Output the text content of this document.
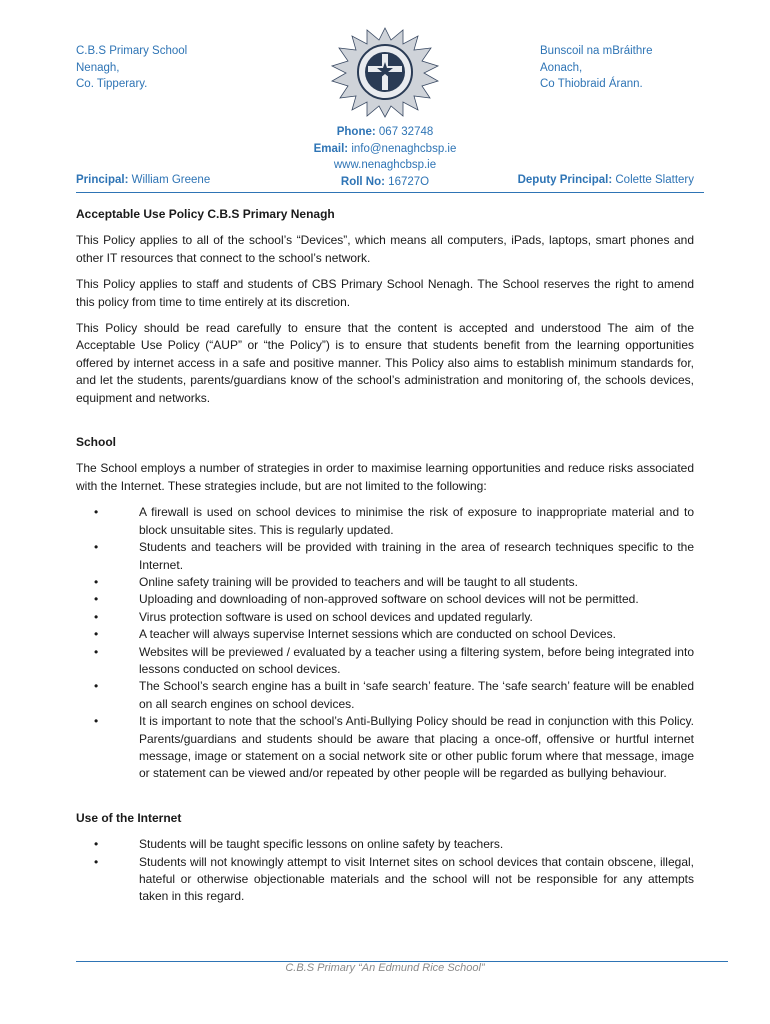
C.B.S Primary School
Nenagh,
Co. Tipperary.
Bunscoil na mBráithre
Aonach,
Co Thiobraid Árann.
Phone: 067 32748
Email: info@nenaghcbsp.ie
www.nenaghcbsp.ie
Roll No: 16727O
Principal: William Greene	Deputy Principal: Colette Slattery
Acceptable Use Policy C.B.S Primary Nenagh

This Policy applies to all of the school’s “Devices”, which means all computers, iPads, laptops, smart phones and other IT resources that connect to the school’s network.

This Policy applies to staff and students of CBS Primary School Nenagh. The School reserves the right to amend this policy from time to time entirely at its discretion.

This Policy should be read carefully to ensure that the content is accepted and understood The aim of the Acceptable Use Policy (“AUP” or “the Policy”) is to ensure that students benefit from the learning opportunities offered by internet access in a safe and positive manner. This Policy also aims to establish minimum standards for, and let the students, parents/guardians know of the school’s administration and monitoring of, the schools devices, equipment and networks.

School

The School employs a number of strategies in order to maximise learning opportunities and reduce risks associated with the Internet. These strategies include, but are not limited to the following:

•	A firewall is used on school devices to minimise the risk of exposure to inappropriate material and to block unsuitable sites. This is regularly updated.
•	Students and teachers will be provided with training in the area of research techniques specific to the Internet.
•	Online safety training will be provided to teachers and will be taught to all students.
•	Uploading and downloading of non-approved software on school devices will not be permitted.
•	Virus protection software is used on school devices and updated regularly.
•	A teacher will always supervise Internet sessions which are conducted on school Devices.
•	Websites will be previewed / evaluated by a teacher using a filtering system, before being integrated into lessons conducted on school devices.
•	The School’s search engine has a built in ‘safe search’ feature. The ‘safe search’ feature will be enabled on all search engines on school devices.
•	It is important to note that the school’s Anti-Bullying Policy should be read in conjunction with this Policy. Parents/guardians and students should be aware that placing a once-off, offensive or hurtful internet message, image or statement on a social network site or other public forum where that message, image or statement can be viewed and/or repeated by other people will be regarded as bullying behaviour.
Use of the Internet
•	Students will be taught specific lessons on online safety by teachers.
•	Students will not knowingly attempt to visit Internet sites on school devices that contain obscene, illegal, hateful or otherwise objectionable materials and the school will not be responsible for any attempts taken in this regard.
C.B.S Primary “An Edmund Rice School”
